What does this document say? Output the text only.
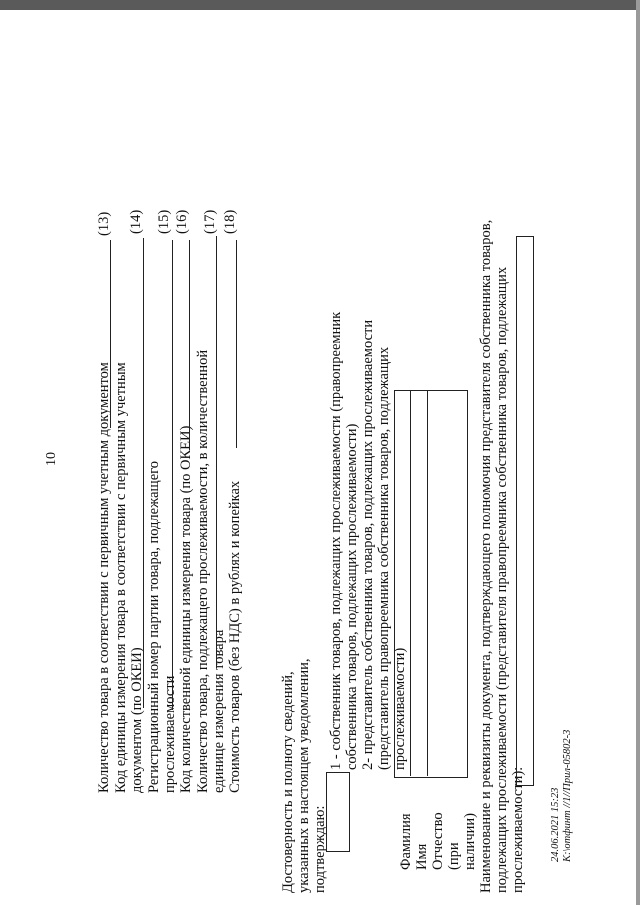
10	Количество товара в соответствии с первичным учетным документом
(13)
Код единицы измерения товара в соответствии с первичным учетным документом (по ОКЕИ)
(14)
Регистрационный номер партии товара, подлежащего прослеживаемости
(15)
Код количественной единицы измерения товара (по ОКЕИ)
(16)
Количество товара, подлежащего прослеживаемости, в количественной единице измерения товара
(17)
Стоимость товаров (без НДС) в рублях и копейках
(18)
Достоверность и полноту сведений, указанных в настоящем уведомлении, подтверждаю:
1 - собственник товаров, подлежащих прослеживаемости (правопреемник собственника товаров, подлежащих прослеживаемости) 2- представитель собственника товаров, подлежащих прослеживаемости (представитель правопреемника собственника товаров, подлежащих прослеживаемости)
Фамилия Имя Отчество (при наличии) Наименование и реквизиты документа, подтверждающего полномочия представителя собственника товаров, подлежащих прослеживаемости (представителя правопреемника собственника товаров, подлежащих прослеживаемости): 24.06.2021 15:23 К:\отфинт //1//Прил-05802-3
